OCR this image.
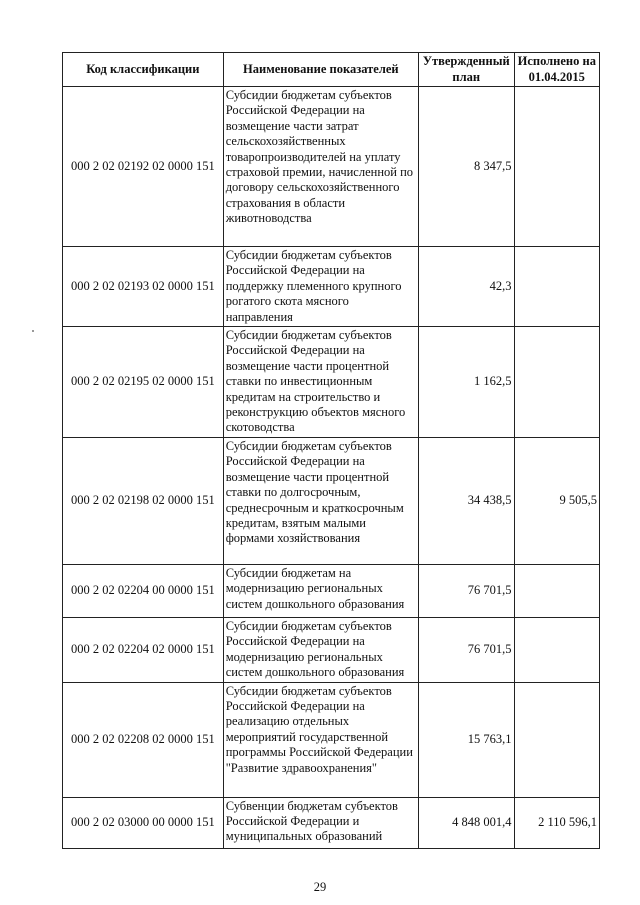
Код классификации	Наименование показателей	Утвержденный план	Исполнено на 01.04.2015
000 2 02 02192 02 0000 151	Субсидии бюджетам субъектов Российской Федерации на возмещение части затрат сельскохозяйственных товаропроизводителей на уплату страховой премии, начисленной по договору сельскохозяйственного страхования в области животноводства	8 347,5	
000 2 02 02193 02 0000 151	Субсидии бюджетам субъектов Российской Федерации на поддержку племенного крупного рогатого скота мясного направления	42,3	
000 2 02 02195 02 0000 151	Субсидии бюджетам субъектов Российской Федерации на возмещение части процентной ставки по инвестиционным кредитам на строительство и реконструкцию объектов мясного скотоводства	1 162,5	
000 2 02 02198 02 0000 151	Субсидии бюджетам субъектов Российской Федерации на возмещение части процентной ставки по долгосрочным, среднесрочным и краткосрочным кредитам, взятым малыми формами хозяйствования	34 438,5	9 505,5
000 2 02 02204 00 0000 151	Субсидии бюджетам на модернизацию региональных систем дошкольного образования	76 701,5	
000 2 02 02204 02 0000 151	Субсидии бюджетам субъектов Российской Федерации на модернизацию региональных систем дошкольного образования	76 701,5	
000 2 02 02208 02 0000 151	Субсидии бюджетам субъектов Российской Федерации на реализацию отдельных мероприятий государственной программы Российской Федерации "Развитие здравоохранения"	15 763,1	
000 2 02 03000 00 0000 151	Субвенции бюджетам субъектов Российской Федерации и муниципальных образований	4 848 001,4	2 110 596,1
29
